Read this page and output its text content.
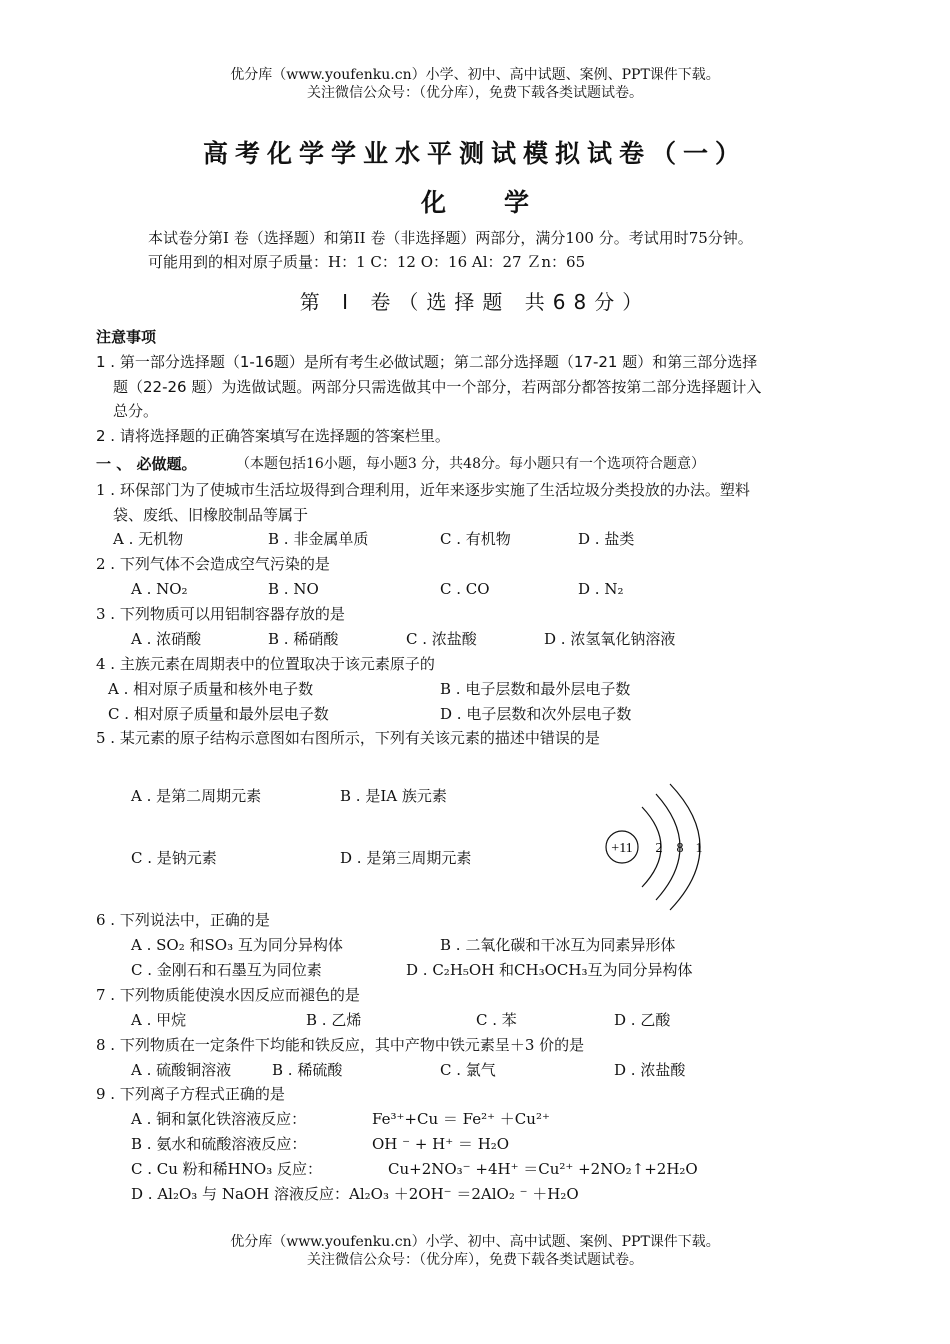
优分库（www.youfenku.cn）小学、初中、高中试题、案例、PPT课件下载。
关注微信公众号：（优分库），免费下载各类试题试卷。
高考化学学业水平测试模拟试卷（一）
化学
本试卷分第I 卷（选择题）和第II 卷（非选择题）两部分，满分100 分。考试用时75分钟。
可能用到的相对原子质量：H：1 C：12 O：16 Al：27 Ｚn：65
第 Ⅰ 卷（选择题 共68分）
注意事项
1 . 第一部分选择题（1-16题）是所有考生必做试题；第二部分选择题（17-21 题）和第三部分选择
题（22-26 题）为选做试题。两部分只需选做其中一个部分，若两部分都答按第二部分选择题计入
总分。
2 . 请将选择题的正确答案填写在选择题的答案栏里。
一 、 必做题。	（本题包括16小题，每小题3 分，共48分。每小题只有一个选项符合题意）
1 . 环保部门为了使城市生活垃圾得到合理利用，近年来逐步实施了生活垃圾分类投放的办法。塑料
袋、废纸、旧橡胶制品等属于
A . 无机物	B . 非金属单质	C . 有机物	D . 盐类
2 . 下列气体不会造成空气污染的是
A . NO₂	B . NO	C . CO	D . N₂
3 . 下列物质可以用铝制容器存放的是
A . 浓硝酸	B . 稀硝酸	C . 浓盐酸	D . 浓氢氧化钠溶液
4 . 主族元素在周期表中的位置取决于该元素原子的
A . 相对原子质量和核外电子数	B . 电子层数和最外层电子数
C . 相对原子质量和最外层电子数	D . 电子层数和次外层电子数
5 . 某元素的原子结构示意图如右图所示，下列有关该元素的描述中错误的是
A . 是第二周期元素	B . 是IA 族元素
C . 是钠元素	D . 是第三周期元素
+11 2 8 1
6 . 下列说法中，正确的是
A . SO₂ 和SO₃ 互为同分异构体	B . 二氧化碳和干冰互为同素异形体
C . 金刚石和石墨互为同位素	D . C₂H₅OH 和CH₃OCH₃互为同分异构体
7 . 下列物质能使溴水因反应而褪色的是
A . 甲烷	B . 乙烯	C . 苯	D . 乙酸
8 . 下列物质在一定条件下均能和铁反应，其中产物中铁元素呈＋3 价的是
A . 硫酸铜溶液	B . 稀硫酸	C . 氯气	D . 浓盐酸
9 . 下列离子方程式正确的是
A . 铜和氯化铁溶液反应：	Fe³⁺+Cu ＝ Fe²⁺ ＋Cu²⁺
B . 氨水和硫酸溶液反应：	OH ⁻ + H⁺ ＝ H₂O
C . Cu 粉和稀HNO₃ 反应：	Cu+2NO₃⁻ +4H⁺ ＝Cu²⁺ +2NO₂↑+2H₂O
D . Al₂O₃ 与 NaOH 溶液反应：Al₂O₃ ＋2OH⁻ ＝2AlO₂ ⁻ ＋H₂O
优分库（www.youfenku.cn）小学、初中、高中试题、案例、PPT课件下载。
关注微信公众号：（优分库），免费下载各类试题试卷。
